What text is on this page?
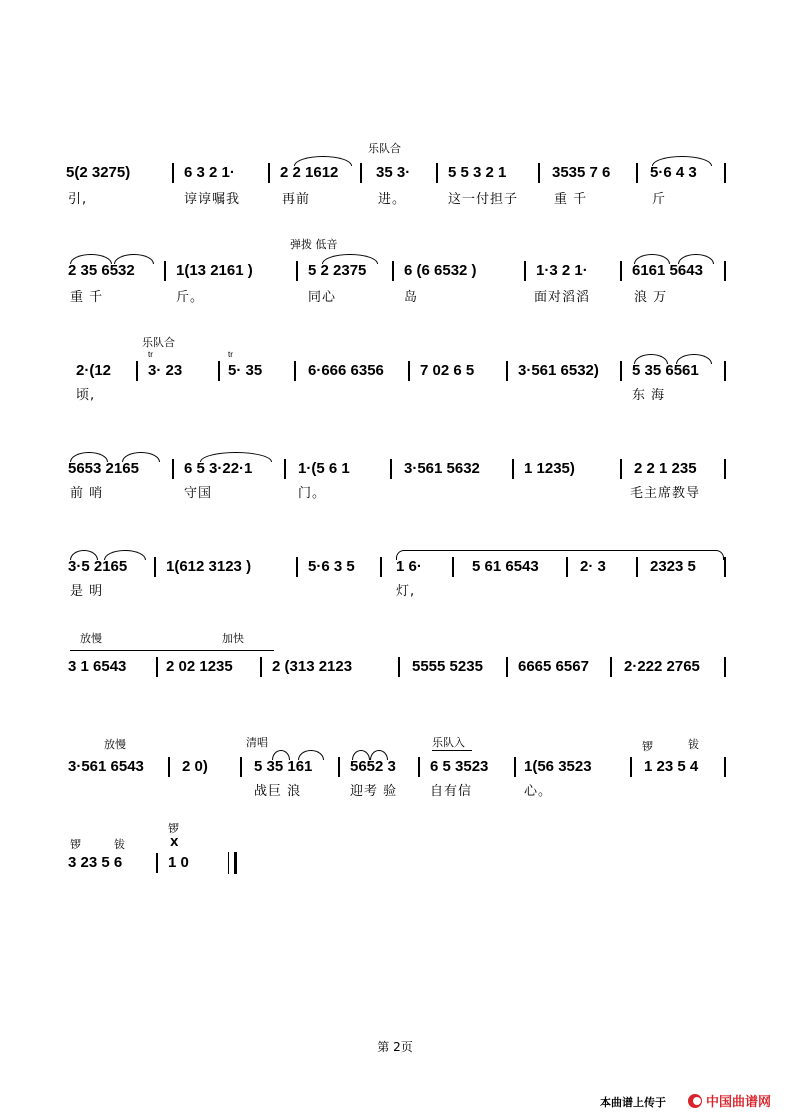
乐队合
5(2 3275)	6 3 2 1·	2 2 1612	35 3·	5 5 3 2 1	3535 7 6	5·6 4 3
引,	谆谆嘱我	再前	进。	这一付担子	重 千	斤
弹拨 低音
2 35 6532	1(13 2161 )	5 2 2375	6 (6 6532 )	1·3 2 1·	6161 5643
重 千	斤。	同心	岛	面对滔滔	浪 万
乐队合
tr	tr
2·(12 3· 23	5· 35	6·666 6356 7 02 6 5	3·561 6532) 5 35 6561
顷,	东 海
5653 2165	6 5 3·22·1	1·(5 6 1	3·561 5632	1 1235)	2 2 1 235
前 哨	守国	门。	毛主席教导
3·5 2165	1(612 3123 )	5·6 3 5	1 6·	5 61 6543	2· 3	2323 5
是 明	灯,
放慢	加快
3 1 6543	2 02 1235	2 (313 2123	5555 5235 6665 6567 2·222 2765
放慢	清唱	乐队入	锣	钹
3·561 6543	2 0)	5 35 161	5652 3 6 5 3523 1(56 3523	1 23 5 4
战巨 浪	迎考 验	自有信	心。
锣	钹
锣
X
3 23 5 6	1 0
第 2页
本曲谱上传于	中国曲谱网
